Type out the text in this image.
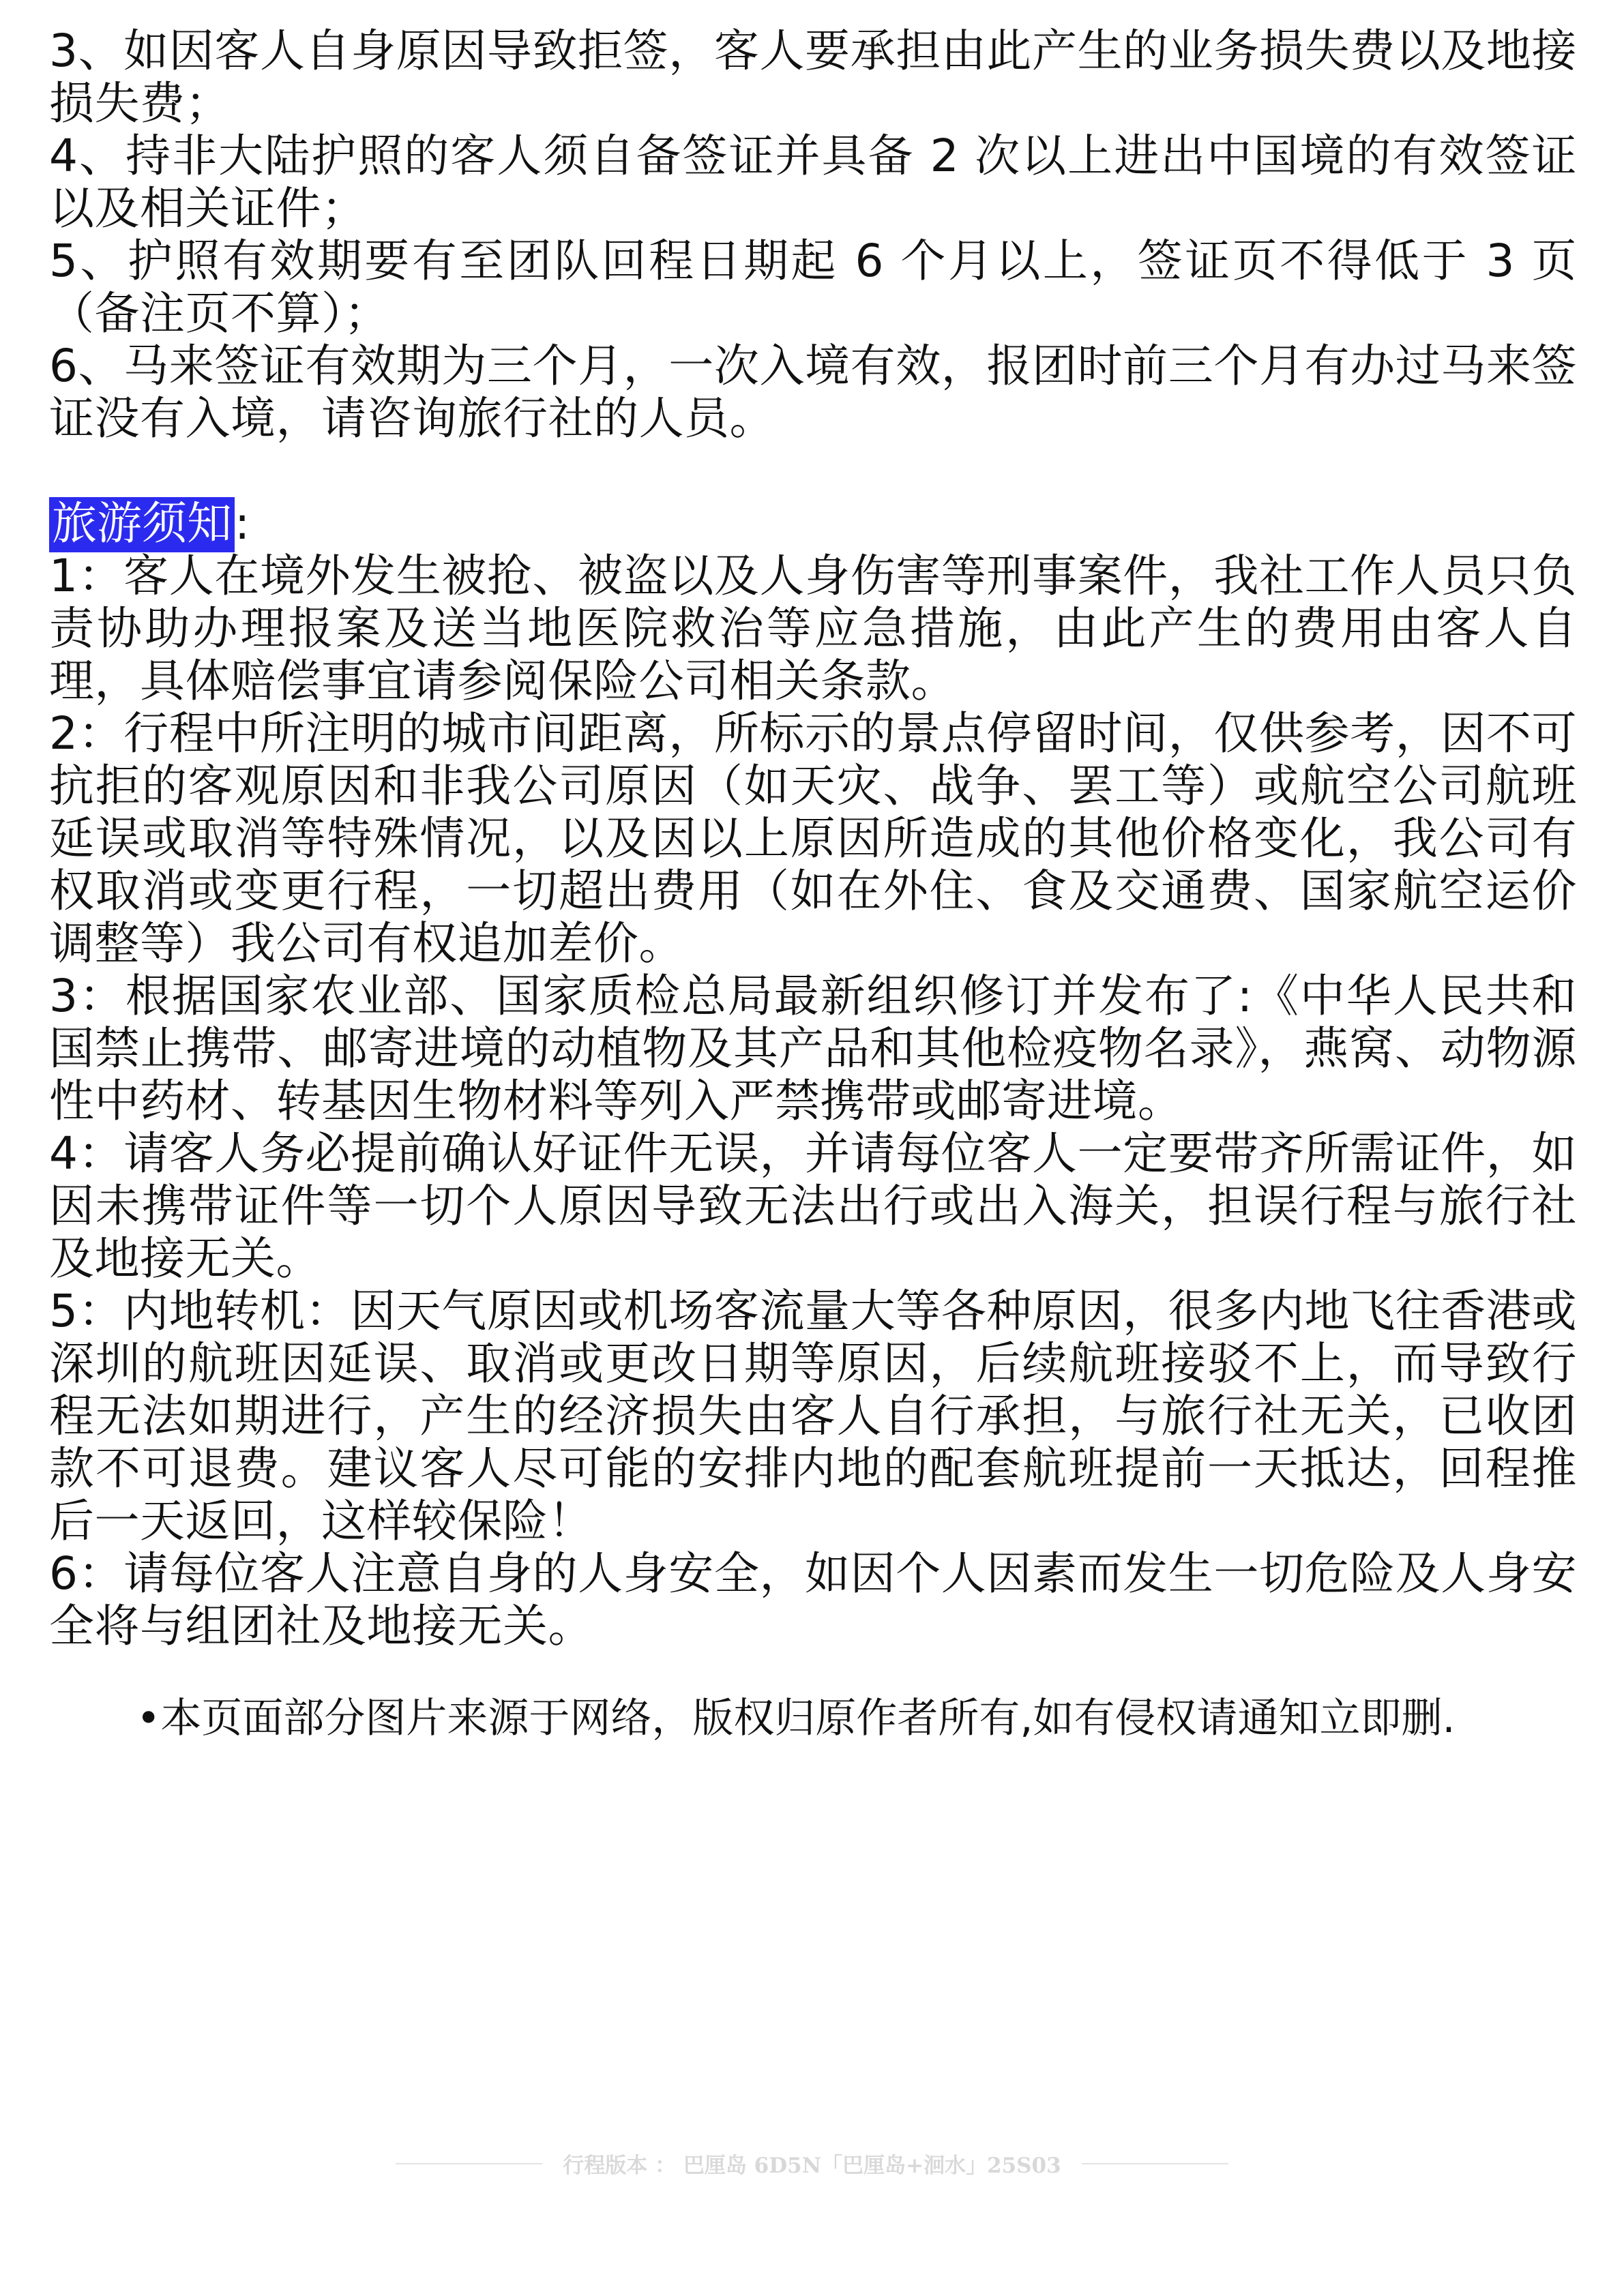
3、如因客人自身原因导致拒签，客人要承担由此产生的业务损失费以及地接损失费；

4、持非大陆护照的客人须自备签证并具备 2 次以上进出中国境的有效签证以及相关证件；

5、护照有效期要有至团队回程日期起 6 个月以上，签证页不得低于 3 页（备注页不算）；

6、马来签证有效期为三个月，一次入境有效，报团时前三个月有办过马来签证没有入境，请咨询旅行社的人员。

旅游须知:

1：客人在境外发生被抢、被盗以及人身伤害等刑事案件，我社工作人员只负责协助办理报案及送当地医院救治等应急措施，由此产生的费用由客人自理，具体赔偿事宜请参阅保险公司相关条款。

2：行程中所注明的城市间距离，所标示的景点停留时间，仅供参考，因不可抗拒的客观原因和非我公司原因（如天灾、战争、罢工等）或航空公司航班延误或取消等特殊情况，以及因以上原因所造成的其他价格变化，我公司有权取消或变更行程，一切超出费用（如在外住、食及交通费、国家航空运价调整等）我公司有权追加差价。

3：根据国家农业部、国家质检总局最新组织修订并发布了:《中华人民共和国禁止携带、邮寄进境的动植物及其产品和其他检疫物名录》，燕窝、动物源性中药材、转基因生物材料等列入严禁携带或邮寄进境。

4：请客人务必提前确认好证件无误，并请每位客人一定要带齐所需证件，如因未携带证件等一切个人原因导致无法出行或出入海关，担误行程与旅行社及地接无关。

5：内地转机：因天气原因或机场客流量大等各种原因，很多内地飞往香港或深圳的航班因延误、取消或更改日期等原因，后续航班接驳不上，而导致行程无法如期进行，产生的经济损失由客人自行承担，与旅行社无关，已收团款不可退费。建议客人尽可能的安排内地的配套航班提前一天抵达，回程推后一天返回，这样较保险！

6：请每位客人注意自身的人身安全，如因个人因素而发生一切危险及人身安全将与组团社及地接无关。

•本页面部分图片来源于网络，版权归原作者所有,如有侵权请通知立即删.
行程版本 ： 巴厘岛 6D5N「巴厘岛+洄水」25S03
